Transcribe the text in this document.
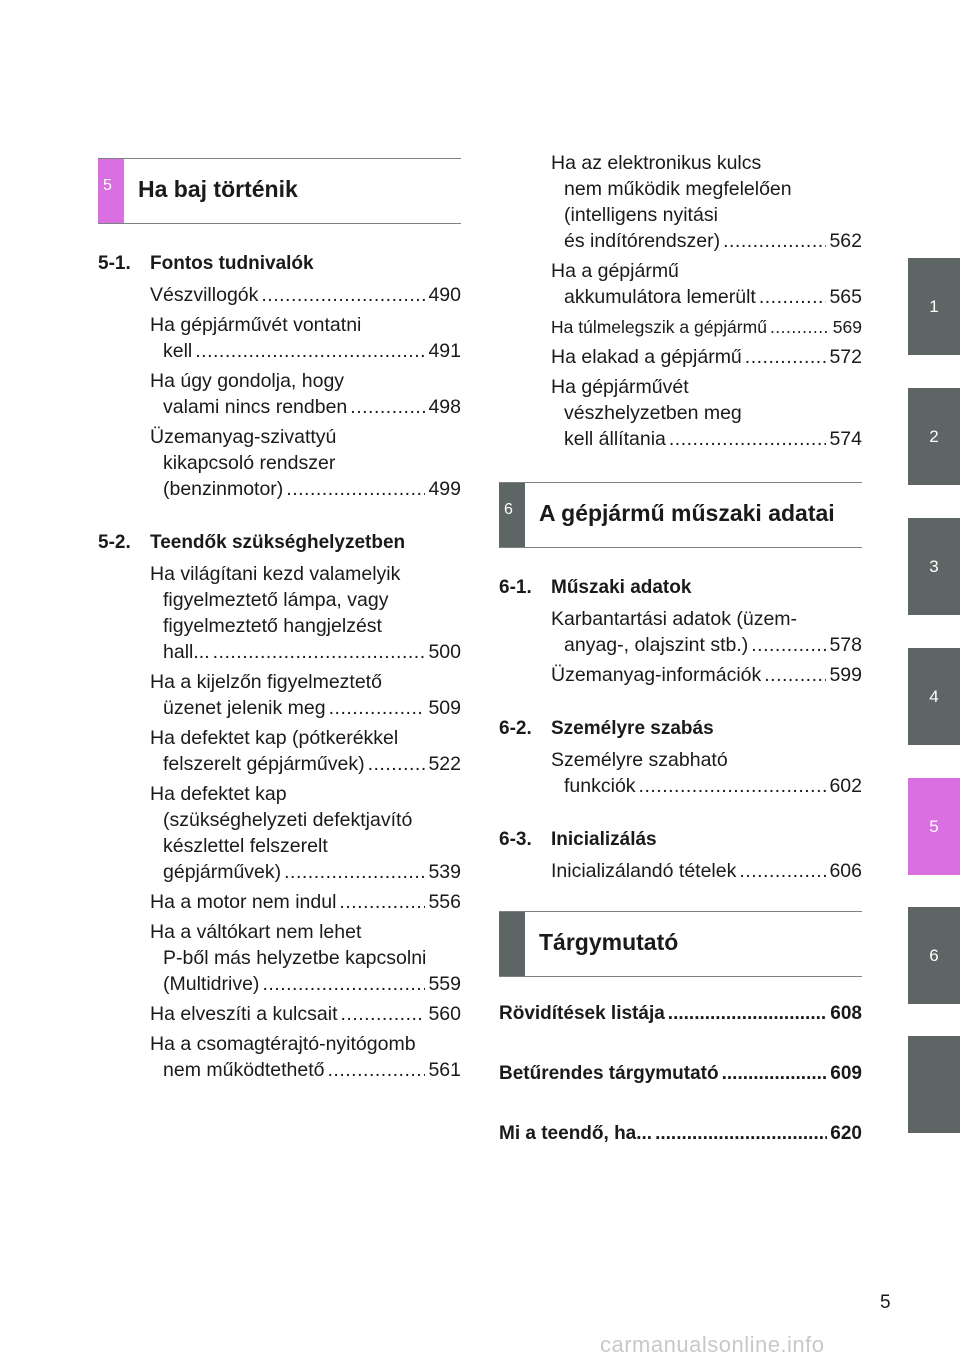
5	Ha baj történik
5-1.	Fontos tudnivalók
Vészvillogók .....	490
Ha gépjárművét vontatni
kell .....	491
Ha úgy gondolja, hogy
valami nincs rendben .....	498
Üzemanyag-szivattyú
kikapcsoló rendszer
(benzinmotor) .....	499
5-2.	Teendők szükséghelyzetben
Ha világítani kezd valamelyik
figyelmeztető lámpa, vagy
figyelmeztető hangjelzést
hall... .....	500
Ha a kijelzőn figyelmeztető
üzenet jelenik meg .....	509
Ha defektet kap (pótkerékkel
felszerelt gépjárművek) .....	522
Ha defektet kap
(szükséghelyzeti defektjavító
készlettel felszerelt
gépjárművek) .....	539
Ha a motor nem indul .....	556
Ha a váltókart nem lehet
P-ből más helyzetbe kapcsolni
(Multidrive) .....	559
Ha elveszíti a kulcsait .....	560
Ha a csomagtérajtó-nyitógomb
nem működtethető .....	561
Ha az elektronikus kulcs
nem működik megfelelően
(intelligens nyitási
és indítórendszer) .....	562
Ha a gépjármű
akkumulátora lemerült .....	565
Ha túlmelegszik a gépjármű .....	569
Ha elakad a gépjármű .....	572
Ha gépjárművét
vészhelyzetben meg
kell állítania .....	574
6	A gépjármű műszaki adatai
6-1.	Műszaki adatok
Karbantartási adatok (üzem-
anyag-, olajszint stb.) .....	578
Üzemanyag-információk .....	599
6-2.	Személyre szabás
Személyre szabható
funkciók .....	602
6-3.	Inicializálás
Inicializálandó tételek .....	606
Tárgymutató
Rövidítések listája .....	608
Betűrendes tárgymutató .....	609
Mi a teendő, ha... .....	620
1
2
3
4
5
6
5
carmanualsonline.info
